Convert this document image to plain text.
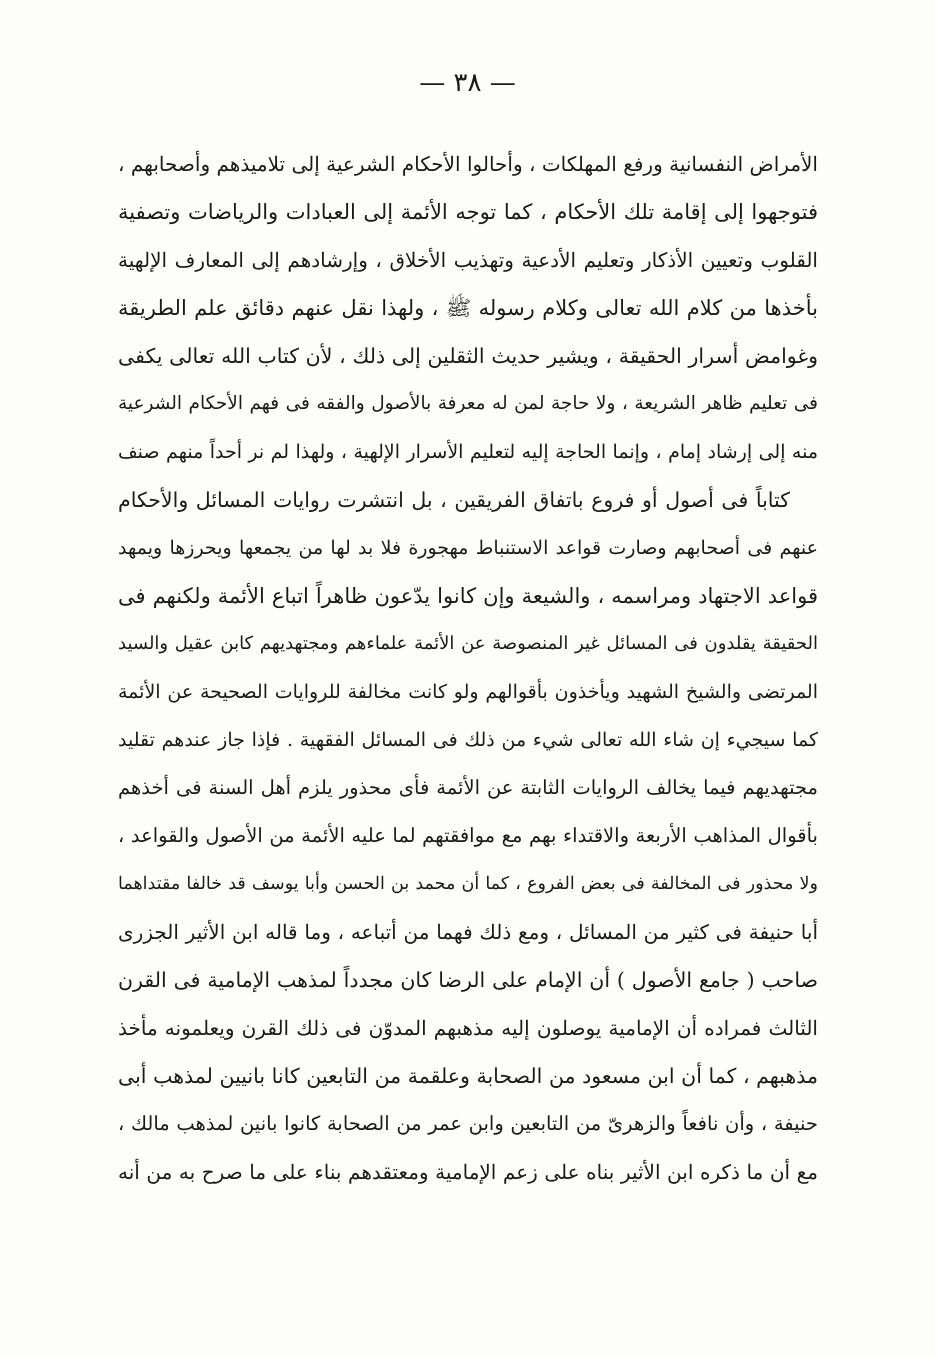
— ٣٨ —
الأمراض النفسانية ورفع المهلكات ، وأحالوا الأحكام الشرعية إلى تلاميذهم وأصحابهم ،
فتوجهوا إلى إقامة تلك الأحكام ، كما توجه الأئمة إلى العبادات والرياضات وتصفية
القلوب وتعيين الأذكار وتعليم الأدعية وتهذيب الأخلاق ، وإرشادهم إلى المعارف الإلهية
بأخذها من كلام الله تعالى وكلام رسوله ﷺ ، ولهذا نقل عنهم دقائق علم الطريقة
وغوامض أسرار الحقيقة ، ويشير حديث الثقلين إلى ذلك ، لأن كتاب الله تعالى يكفى
فى تعليم ظاهر الشريعة ، ولا حاجة لمن له معرفة بالأصول والفقه فى فهم الأحكام الشرعية
منه إلى إرشاد إمام ، وإنما الحاجة إليه لتعليم الأسرار الإلهية ، ولهذا لم نر أحداً منهم صنف
كتاباً فى أصول أو فروع باتفاق الفريقين ، بل انتشرت روايات المسائل والأحكام
عنهم فى أصحابهم وصارت قواعد الاستنباط مهجورة فلا بد لها من يجمعها ويحرزها ويمهد
قواعد الاجتهاد ومراسمه ، والشيعة وإن كانوا يدّعون ظاهراً اتباع الأئمة ولكنهم فى
الحقيقة يقلدون فى المسائل غير المنصوصة عن الأئمة علماءهم ومجتهديهم كابن عقيل والسيد
المرتضى والشيخ الشهيد ويأخذون بأقوالهم ولو كانت مخالفة للروايات الصحيحة عن الأئمة
كما سيجيء إن شاء الله تعالى شيء من ذلك فى المسائل الفقهية . فإذا جاز عندهم تقليد
مجتهديهم فيما يخالف الروايات الثابتة عن الأئمة فأى محذور يلزم أهل السنة فى أخذهم
بأقوال المذاهب الأربعة والاقتداء بهم مع موافقتهم لما عليه الأئمة من الأصول والقواعد ،
ولا محذور فى المخالفة فى بعض الفروع ، كما أن محمد بن الحسن وأبا يوسف قد خالفا مقتداهما
أبا حنيفة فى كثير من المسائل ، ومع ذلك فهما من أتباعه ، وما قاله ابن الأثير الجزرى
صاحب ( جامع الأصول ) أن الإمام على الرضا كان مجدداً لمذهب الإمامية فى القرن
الثالث فمراده أن الإمامية يوصلون إليه مذهبهم المدوّن فى ذلك القرن ويعلمونه مأخذ
مذهبهم ، كما أن ابن مسعود من الصحابة وعلقمة من التابعين كانا بانيين لمذهب أبى
حنيفة ، وأن نافعاً والزهرىّ من التابعين وابن عمر من الصحابة كانوا بانين لمذهب مالك ،
مع أن ما ذكره ابن الأثير بناه على زعم الإمامية ومعتقدهم بناء على ما صرح به من أنه
